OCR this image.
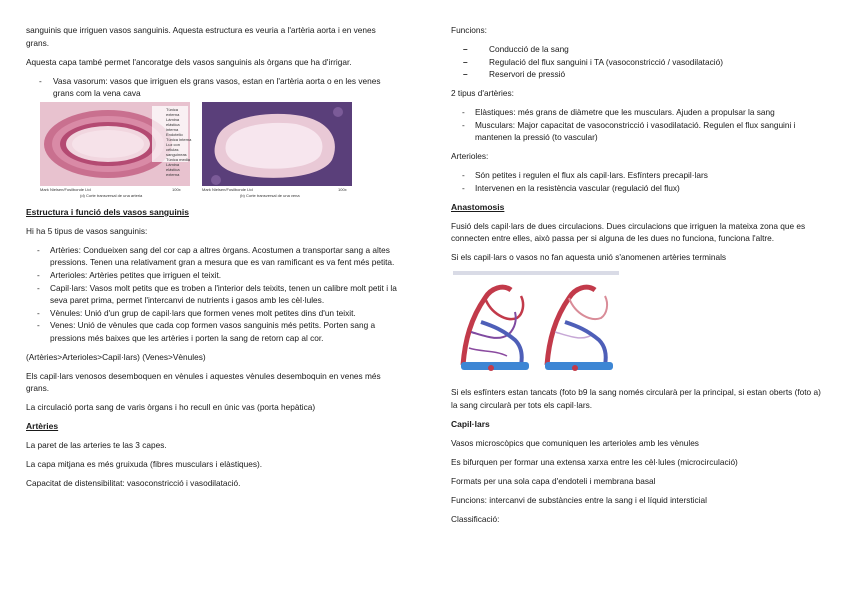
sanguinis que irriguen vasos sanguinis. Aquesta estructura es veuria a l'artèria aorta i en venes grans.

Aquesta capa també permet l'ancoratge dels vasos sanguinis als òrgans que ha d'irrigar.

- Vasa vasorum: vasos que irriguen els grans vasos, estan en l'artèria aorta o en les venes grans com la vena cava
Túnica externa
Lámina elástica interna
Endotelio
Túnica interna
Luz con células sanguíneas
Túnica media
Lámina elástica externa
Mark Nielsen/Fosilbonde Ltd	Mark Nielsen/Fosilbonde Ltd
100x	100x
(d) Corte transversal de una arteria	(b) Corte transversal de una vena
Estructura i funció dels vasos sanguinis

Hi ha 5 tipus de vasos sanguinis:

- Artèries: Condueixen sang del cor cap a altres òrgans. Acostumen a transportar sang a altes pressions. Tenen una relativament gran a mesura que es van ramificant es va fent més petita.
- Arterioles: Artèries petites que irriguen el teixit.
- Capil·lars: Vasos molt petits que es troben a l'interior dels teixits, tenen un calibre molt petit i la seva paret prima, permet l'intercanvi de nutrients i gasos amb les cèl·lules.
- Vènules: Unió d'un grup de capil·lars que formen venes molt petites dins d'un teixit.
- Venes: Unió de vènules que cada cop formen vasos sanguinis més petits. Porten sang a pressions més baixes que les artèries i porten la sang de retorn cap al cor.

(Artèries>Arterioles>Capil·lars) (Venes>Vènules)

Els capil·lars venosos desemboquen en vènules i aquestes vènules desemboquin en venes més grans.

La circulació porta sang de varis òrgans i ho recull en únic vas (porta hepàtica)

Artèries

La paret de las arteries te las 3 capes.

La capa mitjana es més gruixuda (fibres musculars i elàstiques).

Capacitat de distensibilitat: vasoconstricció i vasodilatació.

Funcions:

– Conducció de la sang
– Regulació del flux sanguini i TA (vasoconstricció / vasodilatació)
– Reservori de pressió

2 tipus d'artèries:

- Elàstiques: més grans de diàmetre que les musculars. Ajuden a propulsar la sang
- Musculars: Major capacitat de vasoconstricció i vasodilatació. Regulen el flux sanguini i mantenen la pressió (to vascular)

Arterioles:

- Són petites i regulen el flux als capil·lars. Esfínters precapil·lars
- Intervenen en la resistència vascular (regulació del flux)
Anastomosis

Fusió dels capil·lars de dues circulacions. Dues circulacions que irriguen la mateixa zona que es connecten entre elles, això passa per si alguna de les dues no funciona, funciona l'altre.

Si els capil·lars o vasos no fan aquesta unió s'anomenen artèries terminals

Si els esfínters estan tancats (foto b9 la sang només circularà per la principal, si estan oberts (foto a) la sang circularà per tots els capil·lars.

Capil·lars

Vasos microscòpics que comuniquen les arterioles amb les vènules

Es bifurquen per formar una extensa xarxa entre les cèl·lules (microcirculació)

Formats per una sola capa d'endoteli i membrana basal

Funcions: intercanvi de substàncies entre la sang i el líquid intersticial

Classificació:
